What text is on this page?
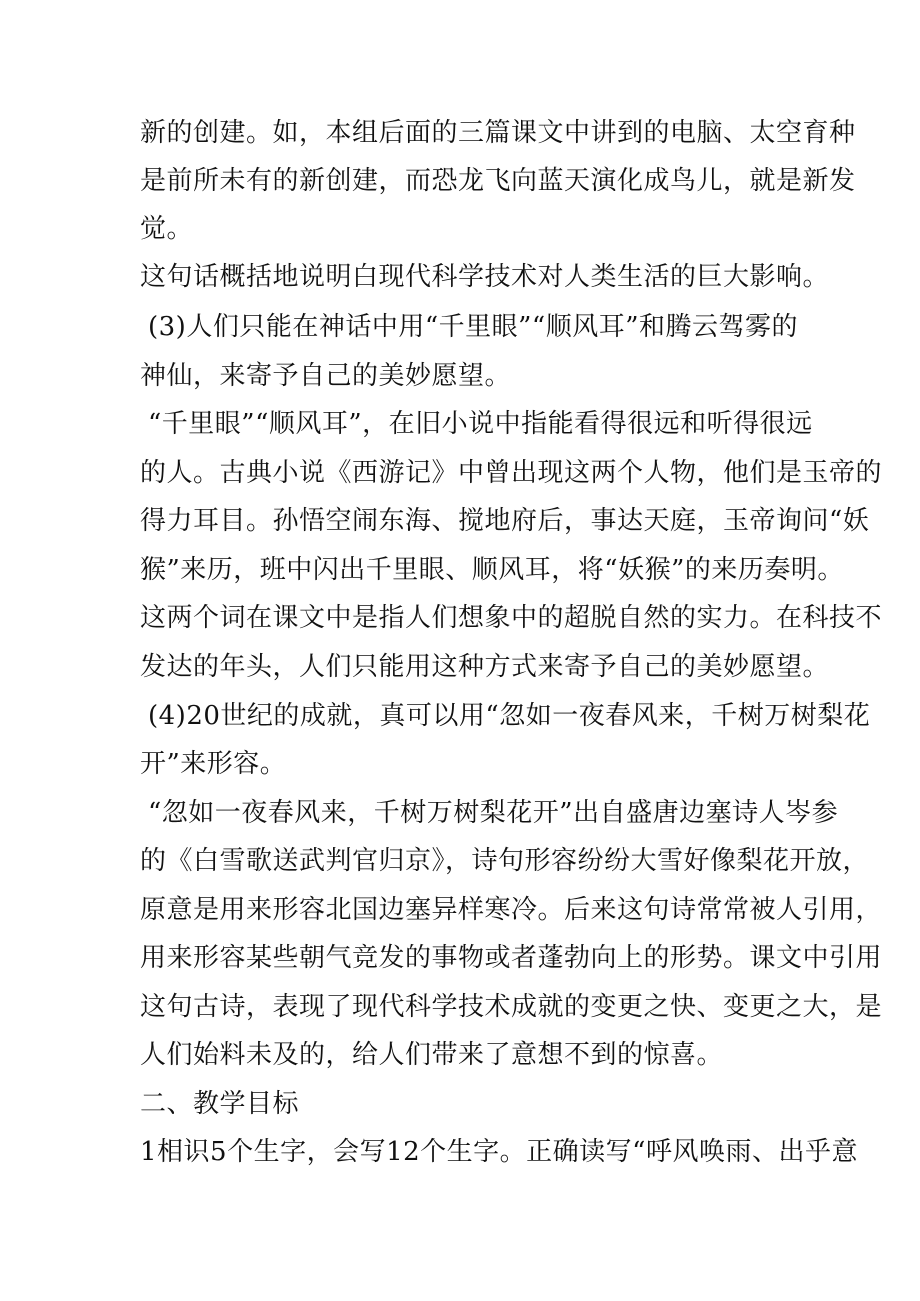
新的创建。如，本组后面的三篇课文中讲到的电脑、太空育种
是前所未有的新创建，而恐龙飞向蓝天演化成鸟儿，就是新发
觉。
这句话概括地说明白现代科学技术对人类生活的巨大影响。
(3)人们只能在神话中用“千里眼”“顺风耳”和腾云驾雾的
神仙，来寄予自己的美妙愿望。
“千里眼”“顺风耳”，在旧小说中指能看得很远和听得很远
的人。古典小说《西游记》中曾出现这两个人物，他们是玉帝的
得力耳目。孙悟空闹东海、搅地府后，事达天庭，玉帝询问“妖
猴”来历，班中闪出千里眼、顺风耳，将“妖猴”的来历奏明。
这两个词在课文中是指人们想象中的超脱自然的实力。在科技不
发达的年头，人们只能用这种方式来寄予自己的美妙愿望。
(4)20世纪的成就，真可以用“忽如一夜春风来，千树万树梨花
开”来形容。
“忽如一夜春风来，千树万树梨花开”出自盛唐边塞诗人岑参
的《白雪歌送武判官归京》，诗句形容纷纷大雪好像梨花开放，
原意是用来形容北国边塞异样寒冷。后来这句诗常常被人引用，
用来形容某些朝气竞发的事物或者蓬勃向上的形势。课文中引用
这句古诗，表现了现代科学技术成就的变更之快、变更之大，是
人们始料未及的，给人们带来了意想不到的惊喜。
二、教学目标
1相识5个生字，会写12个生字。正确读写“呼风唤雨、出乎意
